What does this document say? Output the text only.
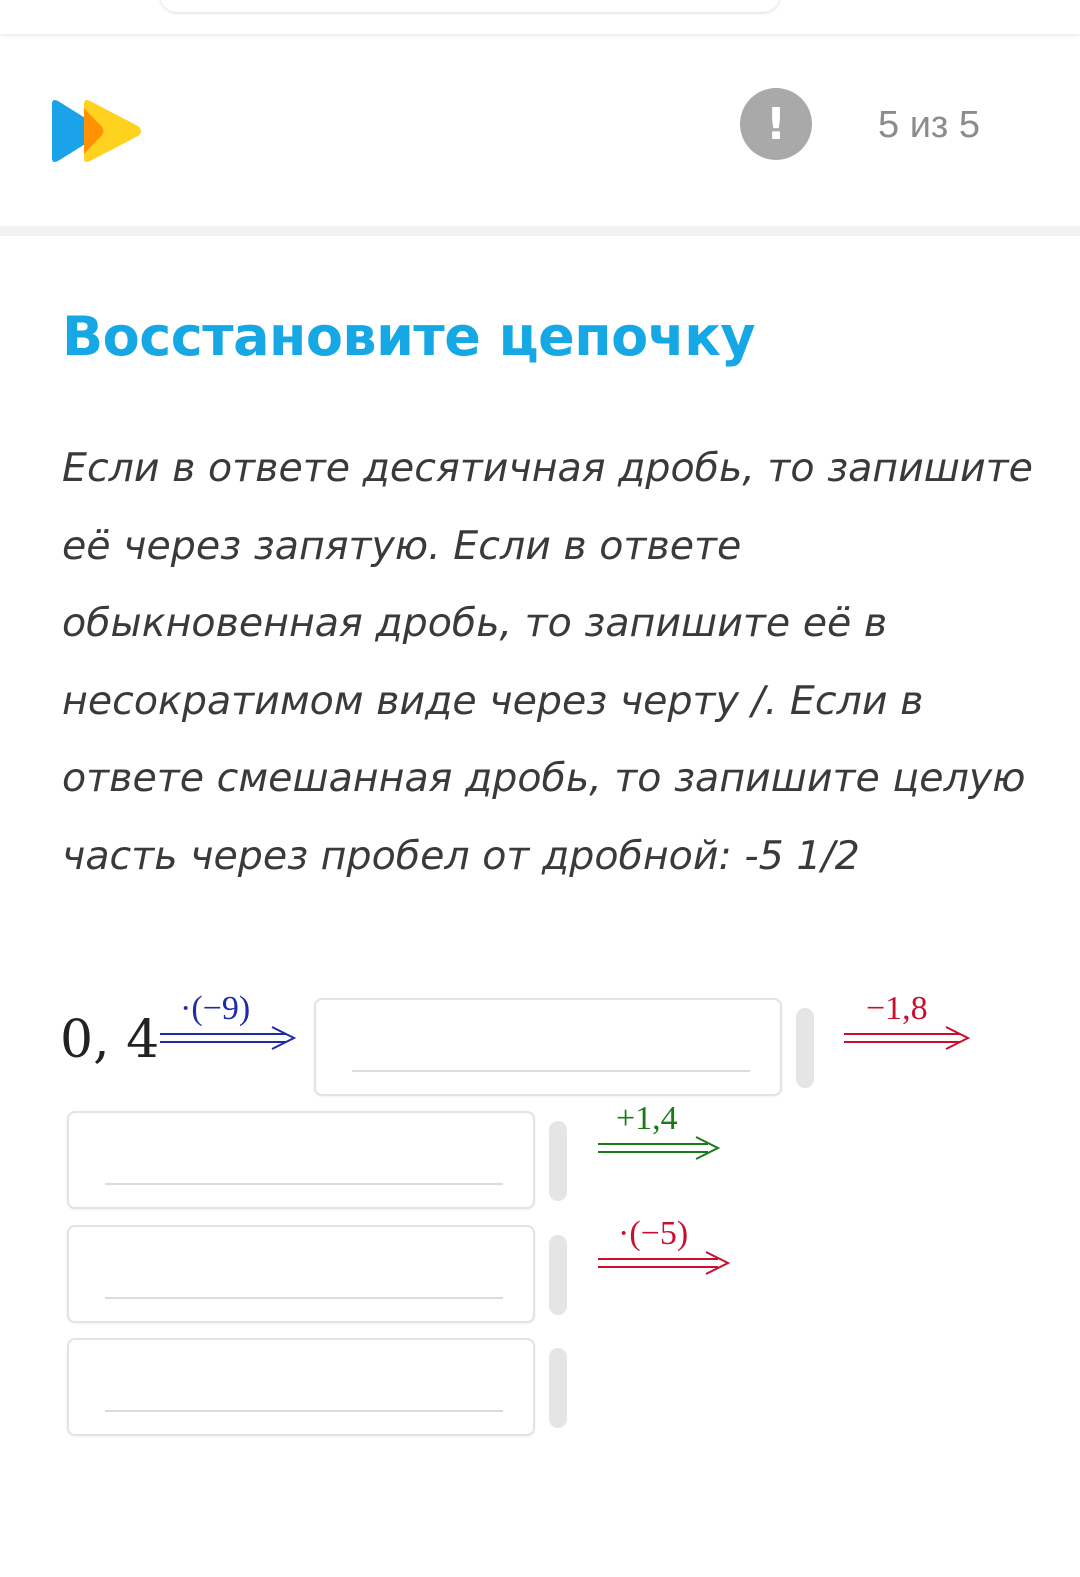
! 5 из 5
Восстановите цепочку

Если в ответе десятичная дробь, то запишите её через запятую. Если в ответе обыкновенная дробь, то запишите её в несократимом виде через черту /. Если в ответе смешанная дробь, то запишите целую часть через пробел от дробной: -5 1/2

0, 4
·(−9)	−1,8
+1,4
·(−5)
